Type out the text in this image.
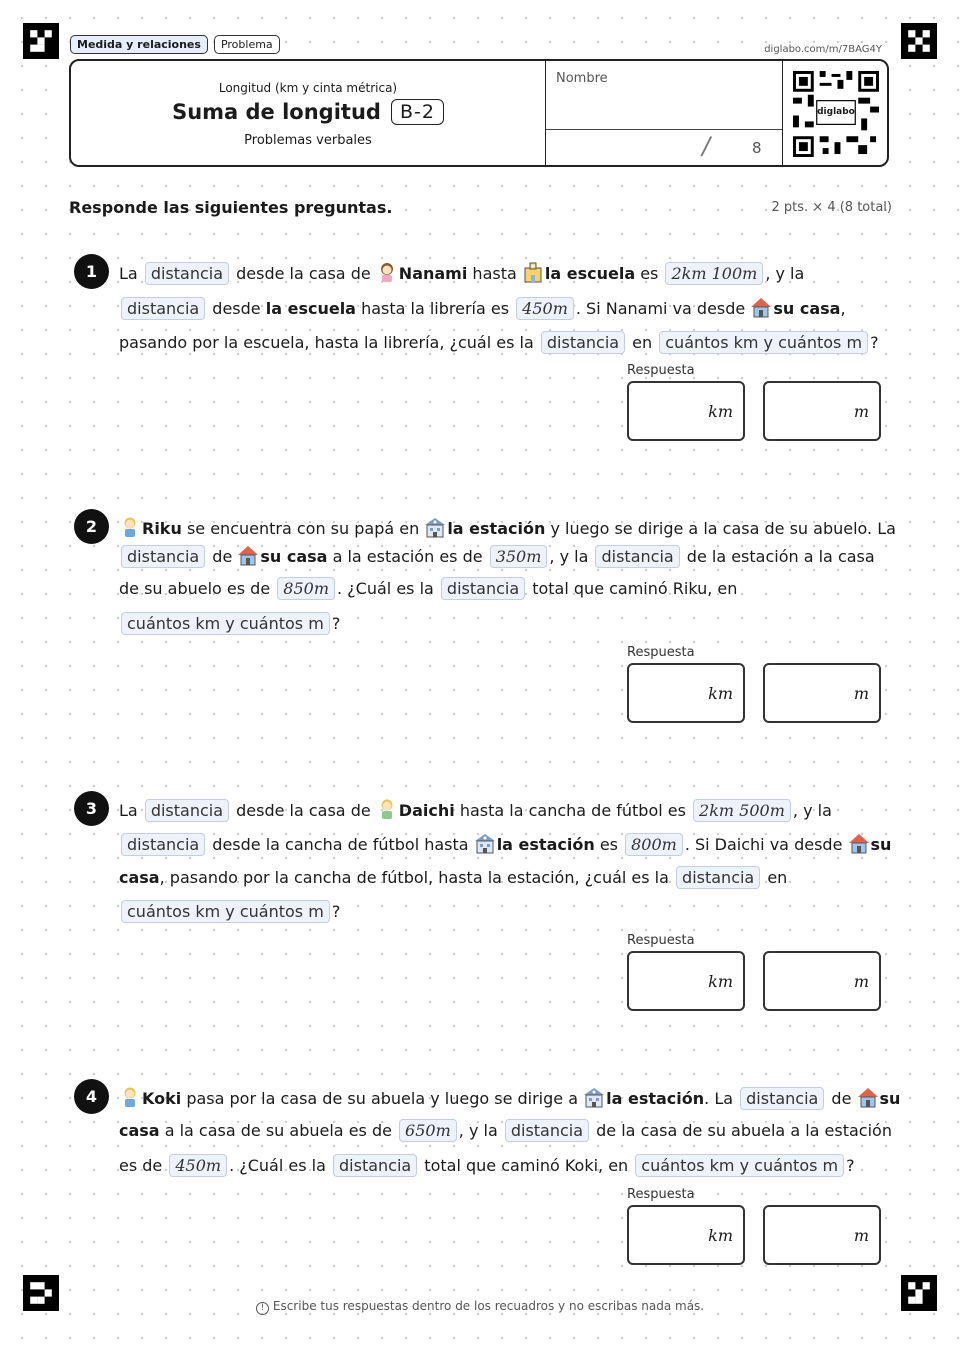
Medida y relaciones	Problema	diglabo.com/m/7BAG4Y
Longitud (km y cinta métrica)
Suma de longitud	B-2
Problemas verbales
Nombre
/	8
diglabo
Responde las siguientes preguntas.	2 pts. × 4 (8 total)
1	La distancia desde la casa de Nanami hasta la escuela es 2km 100m , y la
distancia desde la escuela hasta la librería es 450m . Si Nanami va desde su casa,
pasando por la escuela, hasta la librería, ¿cuál es la distancia en cuántos km y cuántos m ?
Respuesta
km	m
2	Riku se encuentra con su papá en la estación y luego se dirige a la casa de su abuelo. La
distancia de su casa a la estación es de 350m , y la distancia de la estación a la casa
de su abuelo es de 850m . ¿Cuál es la distancia total que caminó Riku, en
cuántos km y cuántos m ?
Respuesta
km	m
3	La distancia desde la casa de Daichi hasta la cancha de fútbol es 2km 500m , y la
distancia desde la cancha de fútbol hasta la estación es 800m . Si Daichi va desde su
casa, pasando por la cancha de fútbol, hasta la estación, ¿cuál es la distancia en
cuántos km y cuántos m ?
Respuesta
km	m
4	Koki pasa por la casa de su abuela y luego se dirige a la estación. La distancia de su
casa a la casa de su abuela es de 650m , y la distancia de la casa de su abuela a la estación
es de 450m . ¿Cuál es la distancia total que caminó Koki, en cuántos km y cuántos m ?
Respuesta
km	m
! Escribe tus respuestas dentro de los recuadros y no escribas nada más.
